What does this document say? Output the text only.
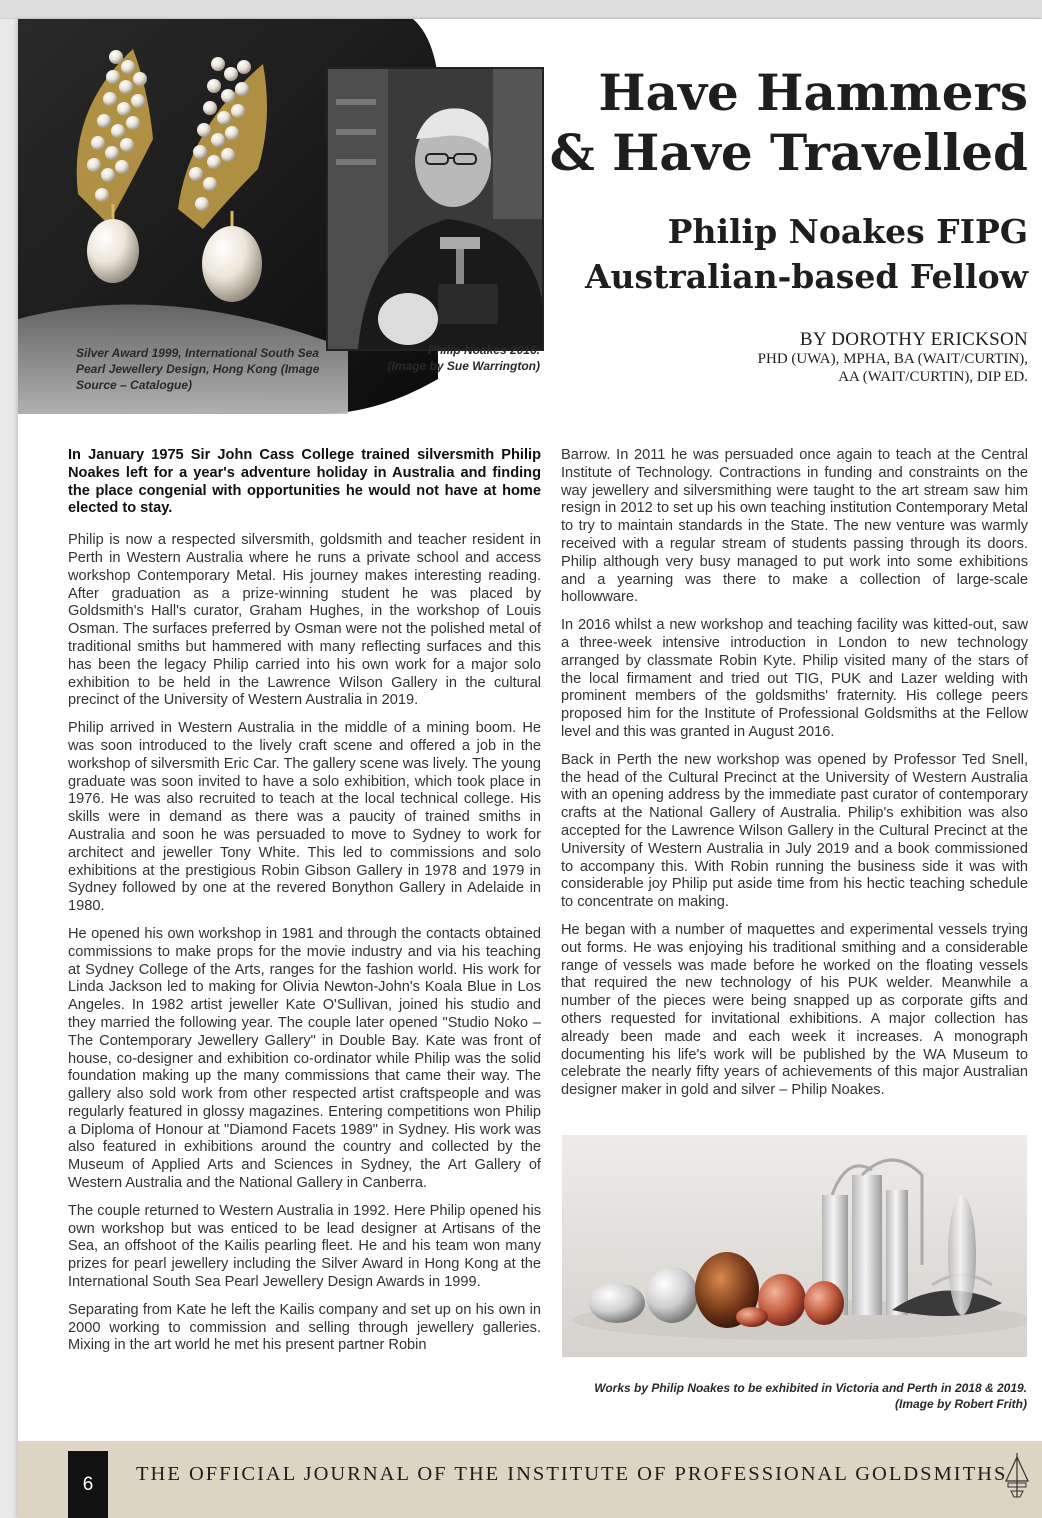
Silver Award 1999, International South Sea Pearl Jewellery Design, Hong Kong (Image Source – Catalogue)
Philip Noakes 2016.
(Image by Sue Warrington)
Have Hammers
& Have Travelled
Philip Noakes FIPG
Australian-based Fellow
BY DOROTHY ERICKSON
PHD (UWA), MPHA, BA (WAIT/CURTIN),
AA (WAIT/CURTIN), DIP ED.

In January 1975 Sir John Cass College trained silversmith Philip Noakes left for a year's adventure holiday in Australia and finding the place congenial with opportunities he would not have at home elected to stay.

Philip is now a respected silversmith, goldsmith and teacher resident in Perth in Western Australia where he runs a private school and access workshop Contemporary Metal. His journey makes interesting reading. After graduation as a prize-winning student he was placed by Goldsmith's Hall's curator, Graham Hughes, in the workshop of Louis Osman. The surfaces preferred by Osman were not the polished metal of traditional smiths but hammered with many reflecting surfaces and this has been the legacy Philip carried into his own work for a major solo exhibition to be held in the Lawrence Wilson Gallery in the cultural precinct of the University of Western Australia in 2019.

Philip arrived in Western Australia in the middle of a mining boom. He was soon introduced to the lively craft scene and offered a job in the workshop of silversmith Eric Car. The gallery scene was lively. The young graduate was soon invited to have a solo exhibition, which took place in 1976. He was also recruited to teach at the local technical college. His skills were in demand as there was a paucity of trained smiths in Australia and soon he was persuaded to move to Sydney to work for architect and jeweller Tony White. This led to commissions and solo exhibitions at the prestigious Robin Gibson Gallery in 1978 and 1979 in Sydney followed by one at the revered Bonython Gallery in Adelaide in 1980.

He opened his own workshop in 1981 and through the contacts obtained commissions to make props for the movie industry and via his teaching at Sydney College of the Arts, ranges for the fashion world. His work for Linda Jackson led to making for Olivia Newton-John's Koala Blue in Los Angeles. In 1982 artist jeweller Kate O'Sullivan, joined his studio and they married the following year. The couple later opened "Studio Noko – The Contemporary Jewellery Gallery" in Double Bay. Kate was front of house, co-designer and exhibition co-ordinator while Philip was the solid foundation making up the many commissions that came their way. The gallery also sold work from other respected artist craftspeople and was regularly featured in glossy magazines. Entering competitions won Philip a Diploma of Honour at "Diamond Facets 1989" in Sydney. His work was also featured in exhibitions around the country and collected by the Museum of Applied Arts and Sciences in Sydney, the Art Gallery of Western Australia and the National Gallery in Canberra.

The couple returned to Western Australia in 1992. Here Philip opened his own workshop but was enticed to be lead designer at Artisans of the Sea, an offshoot of the Kailis pearling fleet. He and his team won many prizes for pearl jewellery including the Silver Award in Hong Kong at the International South Sea Pearl Jewellery Design Awards in 1999.

Separating from Kate he left the Kailis company and set up on his own in 2000 working to commission and selling through jewellery galleries. Mixing in the art world he met his present partner Robin

Barrow. In 2011 he was persuaded once again to teach at the Central Institute of Technology. Contractions in funding and constraints on the way jewellery and silversmithing were taught to the art stream saw him resign in 2012 to set up his own teaching institution Contemporary Metal to try to maintain standards in the State. The new venture was warmly received with a regular stream of students passing through its doors. Philip although very busy managed to put work into some exhibitions and a yearning was there to make a collection of large-scale hollowware.

In 2016 whilst a new workshop and teaching facility was kitted-out, saw a three-week intensive introduction in London to new technology arranged by classmate Robin Kyte. Philip visited many of the stars of the local firmament and tried out TIG, PUK and Lazer welding with prominent members of the goldsmiths' fraternity. His college peers proposed him for the Institute of Professional Goldsmiths at the Fellow level and this was granted in August 2016.

Back in Perth the new workshop was opened by Professor Ted Snell, the head of the Cultural Precinct at the University of Western Australia with an opening address by the immediate past curator of contemporary crafts at the National Gallery of Australia. Philip's exhibition was also accepted for the Lawrence Wilson Gallery in the Cultural Precinct at the University of Western Australia in July 2019 and a book commissioned to accompany this. With Robin running the business side it was with considerable joy Philip put aside time from his hectic teaching schedule to concentrate on making.

He began with a number of maquettes and experimental vessels trying out forms. He was enjoying his traditional smithing and a considerable range of vessels was made before he worked on the floating vessels that required the new technology of his PUK welder. Meanwhile a number of the pieces were being snapped up as corporate gifts and others requested for invitational exhibitions. A major collection has already been made and each week it increases. A monograph documenting his life's work will be published by the WA Museum to celebrate the nearly fifty years of achievements of this major Australian designer maker in gold and silver – Philip Noakes.

Works by Philip Noakes to be exhibited in Victoria and Perth in 2018 & 2019.
(Image by Robert Frith)
6	THE OFFICIAL JOURNAL OF THE INSTITUTE OF PROFESSIONAL GOLDSMITHS
